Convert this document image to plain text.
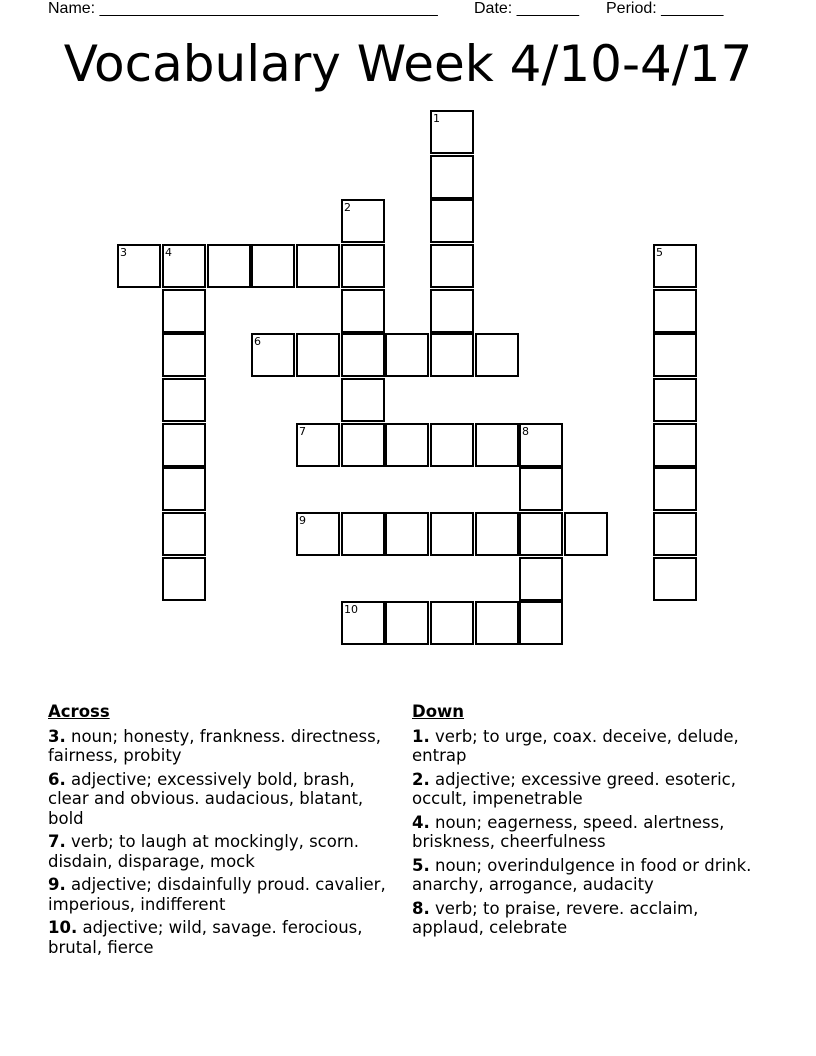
Name: ______________________________________ Date: _______ Period: _______
Vocabulary Week 4/10-4/17
1
2
3	4	5
6
7	8
9
10
Across
3. noun; honesty, frankness. directness, fairness, probity
6. adjective; excessively bold, brash, clear and obvious. audacious, blatant, bold
7. verb; to laugh at mockingly, scorn. disdain, disparage, mock
9. adjective; disdainfully proud. cavalier, imperious, indifferent
10. adjective; wild, savage. ferocious, brutal, fierce
Down
1. verb; to urge, coax. deceive, delude, entrap
2. adjective; excessive greed. esoteric, occult, impenetrable
4. noun; eagerness, speed. alertness, briskness, cheerfulness
5. noun; overindulgence in food or drink. anarchy, arrogance, audacity
8. verb; to praise, revere. acclaim, applaud, celebrate
